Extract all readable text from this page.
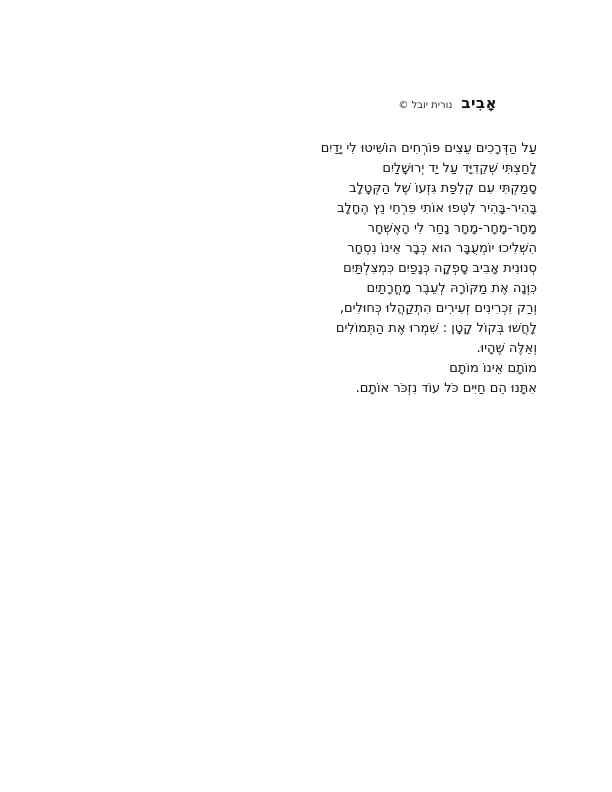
אָבִיב
נורית יובל ©
עַל הַדְּרָכִים עֵצִים פּוֹרְחִים הוֹשִׁיטוּ לִי יָדַיִם
לָחַצְתִּי שְׁקֵדִיָּד עַל יַד יְרוּשָׁלַיִם
סָמַקְתִּי עִם קְלִפַּת גִּזְעוֹ שֶׁל הַקְּטָלָב
בָּהִיר-בָּהִיר לִטְּפוּ אוֹתִי פִּרְחֵי נֵץ הֶחָלָב
מָחָר-מָחָר-מָחָר נָחַר לִי הָאֶשְׁחָר
הִשְׁלִיכוּ יוֹמְעֻבָּר הוּא כְּבָר אֵינוֹ נִסְחָר
סְנוּנִית אָבִיב סָפְקָה כְּנָפַיִם כִּמְצִלְתַּיִם
כִּוְּנָה אֶת מַקּוֹרָהּ לְעֵבֶר מָחֳרָתַיִם
וְרַק זִכְרִינִים זְעִירִים הִתְקַהֲלוּ כְּחוּלִים,
לָחֲשׁוּ בְּקוֹל קָטָן : שִׁמְרוּ אֶת הַתְּמוֹלִים
וְאֵלֶּה שֶׁהָיוּ.
מוֹתָם אֵינוֹ מוֹתָם
אִתָּנוּ הֵם חַיִּים כֹּל עוֹד נִזְכֹּר אוֹתָם.
